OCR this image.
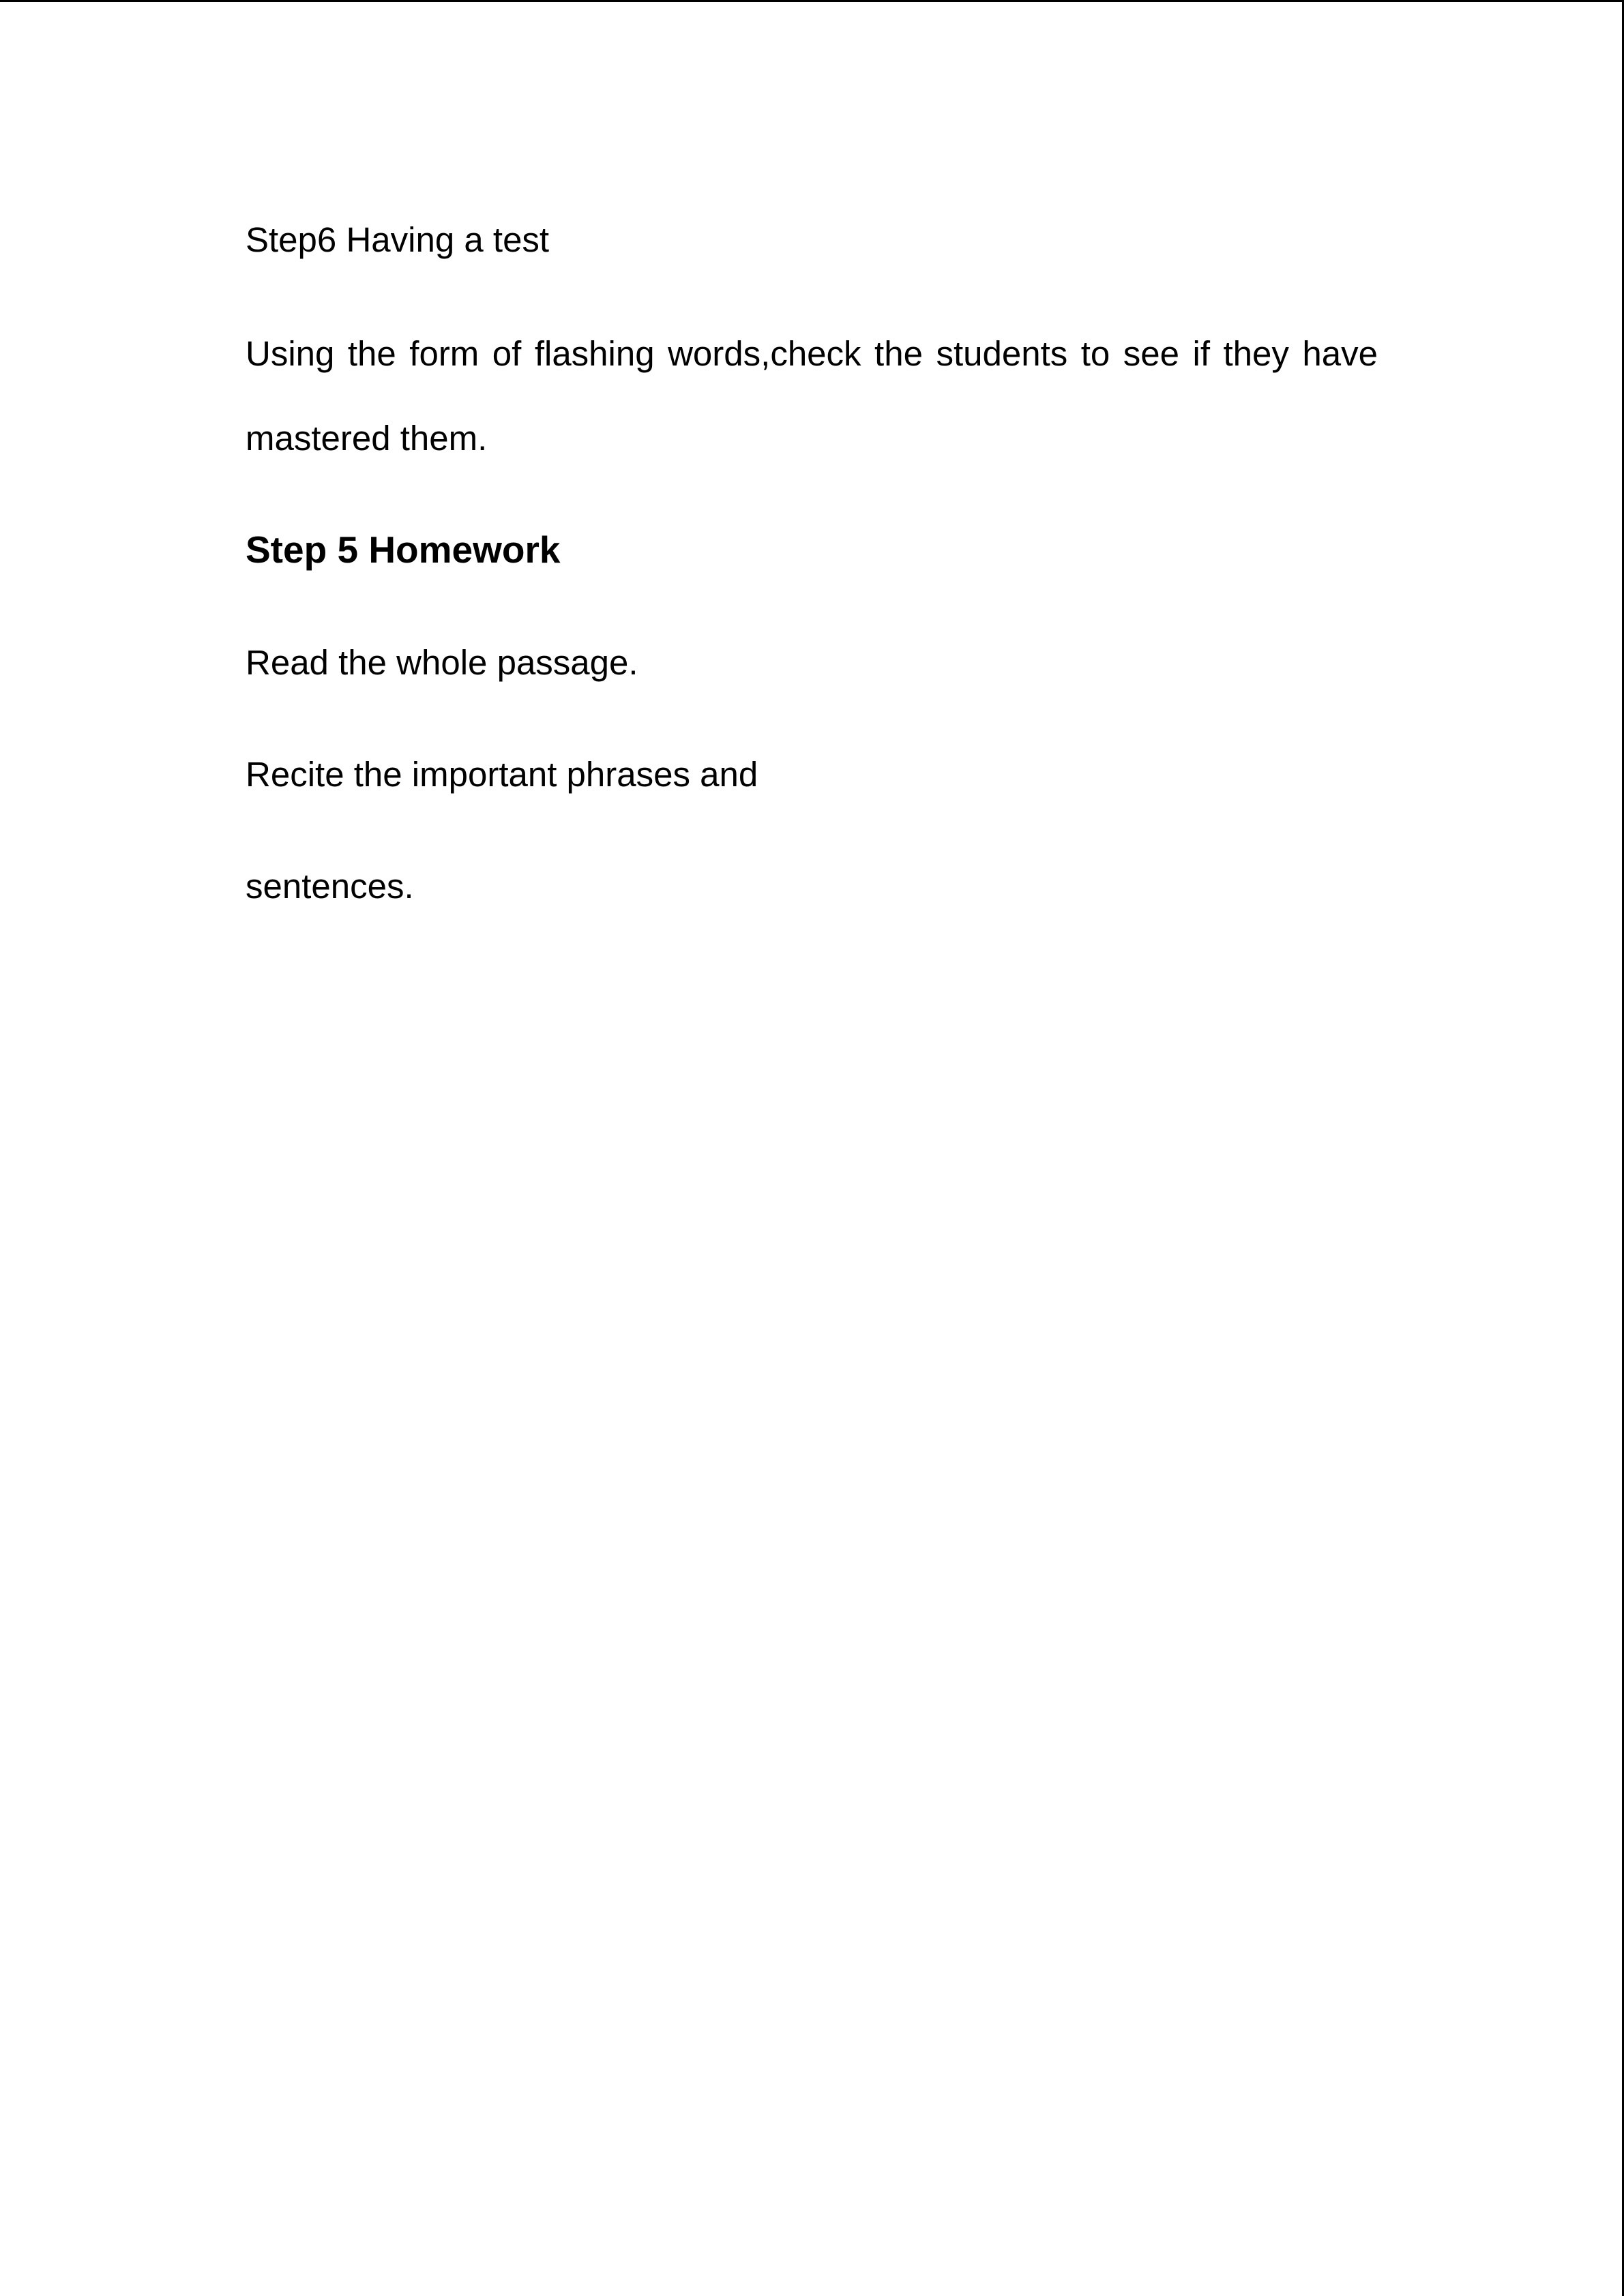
Step6 Having a test

Using the form of flashing words,check the students to see if they have mastered them.

Step 5 Homework

Read the whole passage.

Recite the important phrases and

sentences.
